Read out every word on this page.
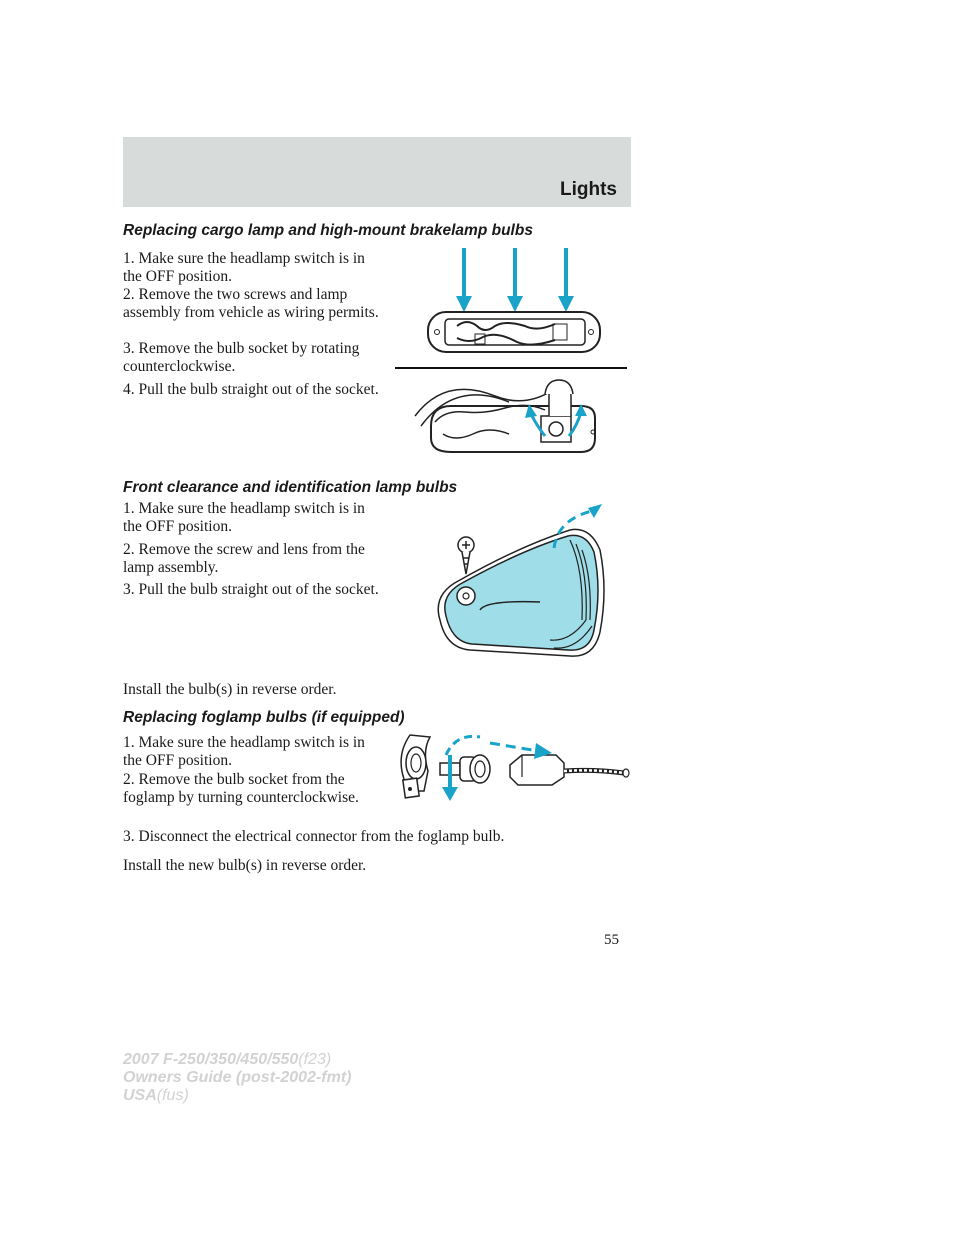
Lights
Replacing cargo lamp and high-mount brakelamp bulbs
1. Make sure the headlamp switch is in the OFF position.
2. Remove the two screws and lamp assembly from vehicle as wiring permits.
3. Remove the bulb socket by rotating counterclockwise.
4. Pull the bulb straight out of the socket.
Front clearance and identification lamp bulbs
1. Make sure the headlamp switch is in the OFF position.
2. Remove the screw and lens from the lamp assembly.
3. Pull the bulb straight out of the socket.
Install the bulb(s) in reverse order.
Replacing foglamp bulbs (if equipped)
1. Make sure the headlamp switch is in the OFF position.
2. Remove the bulb socket from the foglamp by turning counterclockwise.
3. Disconnect the electrical connector from the foglamp bulb.
Install the new bulb(s) in reverse order.
55
2007 F-250/350/450/550(f23)
Owners Guide (post-2002-fmt)
USA(fus)
